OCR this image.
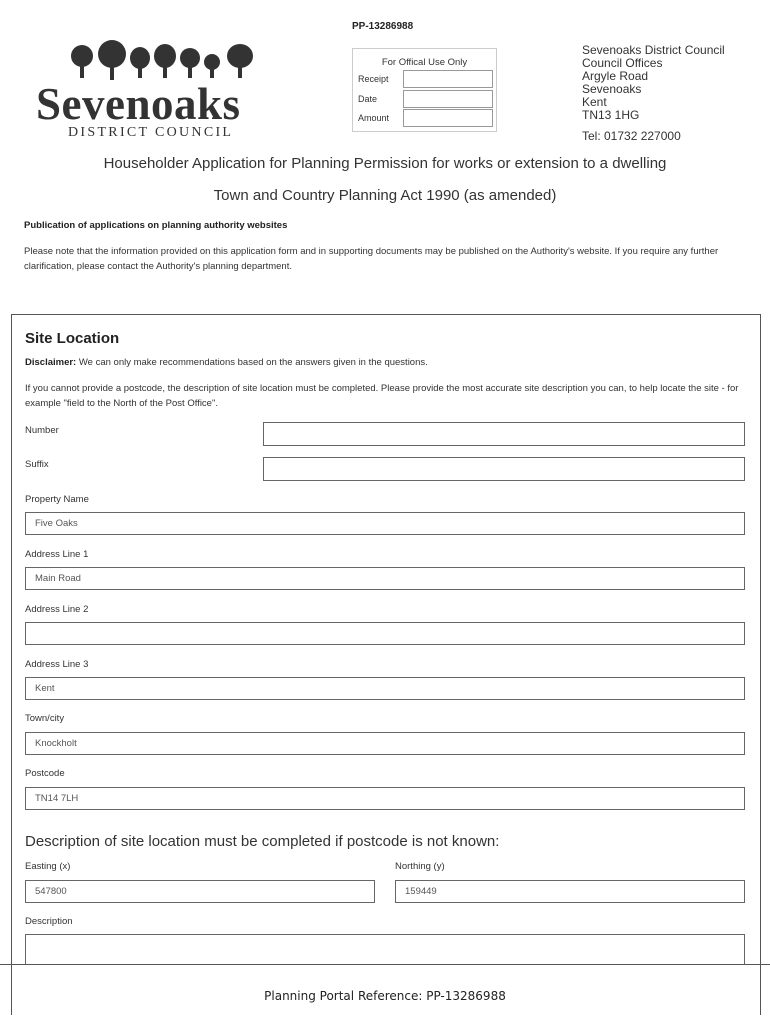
PP-13286988
Sevenoaks
DISTRICT COUNCIL
For Offical Use Only
Receipt
Date
Amount
Sevenoaks District Council
Council Offices
Argyle Road
Sevenoaks
Kent
TN13 1HG
Tel: 01732 227000
Householder Application for Planning Permission for works or extension to a dwelling
Town and Country Planning Act 1990 (as amended)
Publication of applications on planning authority websites
Please note that the information provided on this application form and in supporting documents may be published on the Authority's website. If you require any further clarification, please contact the Authority's planning department.
Site Location
Disclaimer: We can only make recommendations based on the answers given in the questions.
If you cannot provide a postcode, the description of site location must be completed. Please provide the most accurate site description you can, to help locate the site - for example "field to the North of the Post Office".
Number
Suffix
Property Name
Five Oaks
Address Line 1
Main Road
Address Line 2
Address Line 3
Kent
Town/city
Knockholt
Postcode
TN14 7LH
Description of site location must be completed if postcode is not known:
Easting (x)
547800
Northing (y)
159449
Description
Planning Portal Reference: PP-13286988
